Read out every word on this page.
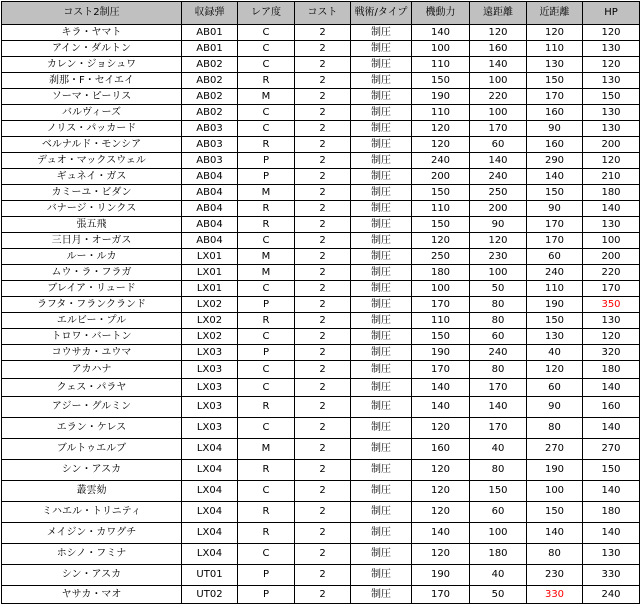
コスト2制圧	収録弾	レア度	コスト	戦術/タイプ	機動力	遠距離	近距離	HP
キラ・ヤマト	AB01	C	2	制圧	140	120	120	120
アイン・ダルトン	AB01	C	2	制圧	100	160	110	130
カレン・ジョシュワ	AB02	C	2	制圧	110	140	130	120
刹那・F・セイエイ	AB02	R	2	制圧	150	100	150	130
ソーマ・ピーリス	AB02	M	2	制圧	190	220	170	150
バルヴィーズ	AB02	C	2	制圧	110	100	160	130
ノリス・パッカード	AB03	C	2	制圧	120	170	90	130
ベルナルド・モンシア	AB03	R	2	制圧	120	60	160	200
デュオ・マックスウェル	AB03	P	2	制圧	240	140	290	120
ギュネイ・ガス	AB04	P	2	制圧	200	240	140	210
カミーユ・ビダン	AB04	M	2	制圧	150	250	150	180
バナージ・リンクス	AB04	R	2	制圧	110	200	90	140
張五飛	AB04	R	2	制圧	150	90	170	130
三日月・オーガス	AB04	C	2	制圧	120	120	170	100
ルー・ルカ	LX01	M	2	制圧	250	230	60	200
ムウ・ラ・フラガ	LX01	M	2	制圧	180	100	240	220
ブレイア・リュード	LX01	C	2	制圧	100	50	110	170
ラフタ・フランクランド	LX02	P	2	制圧	170	80	190	350
エルビー・プル	LX02	R	2	制圧	110	80	150	130
トロワ・バートン	LX02	C	2	制圧	150	60	130	120
コウサカ・ユウマ	LX03	P	2	制圧	190	240	40	320
アカハナ	LX03	C	2	制圧	170	80	120	180
クェス・パラヤ	LX03	C	2	制圧	140	170	60	140
アジー・グルミン	LX03	R	2	制圧	140	140	90	160
エラン・ケレス	LX03	C	2	制圧	120	170	80	140
ブルトゥエルブ	LX04	M	2	制圧	160	40	270	270
シン・アスカ	LX04	R	2	制圧	120	80	190	150
叢雲劾	LX04	C	2	制圧	120	150	100	140
ミハエル・トリニティ	LX04	R	2	制圧	120	60	150	180
メイジン・カワグチ	LX04	R	2	制圧	140	100	140	140
ホシノ・フミナ	LX04	C	2	制圧	120	180	80	130
シン・アスカ	UT01	P	2	制圧	190	40	230	330
ヤサカ・マオ	UT02	P	2	制圧	170	50	330	240
